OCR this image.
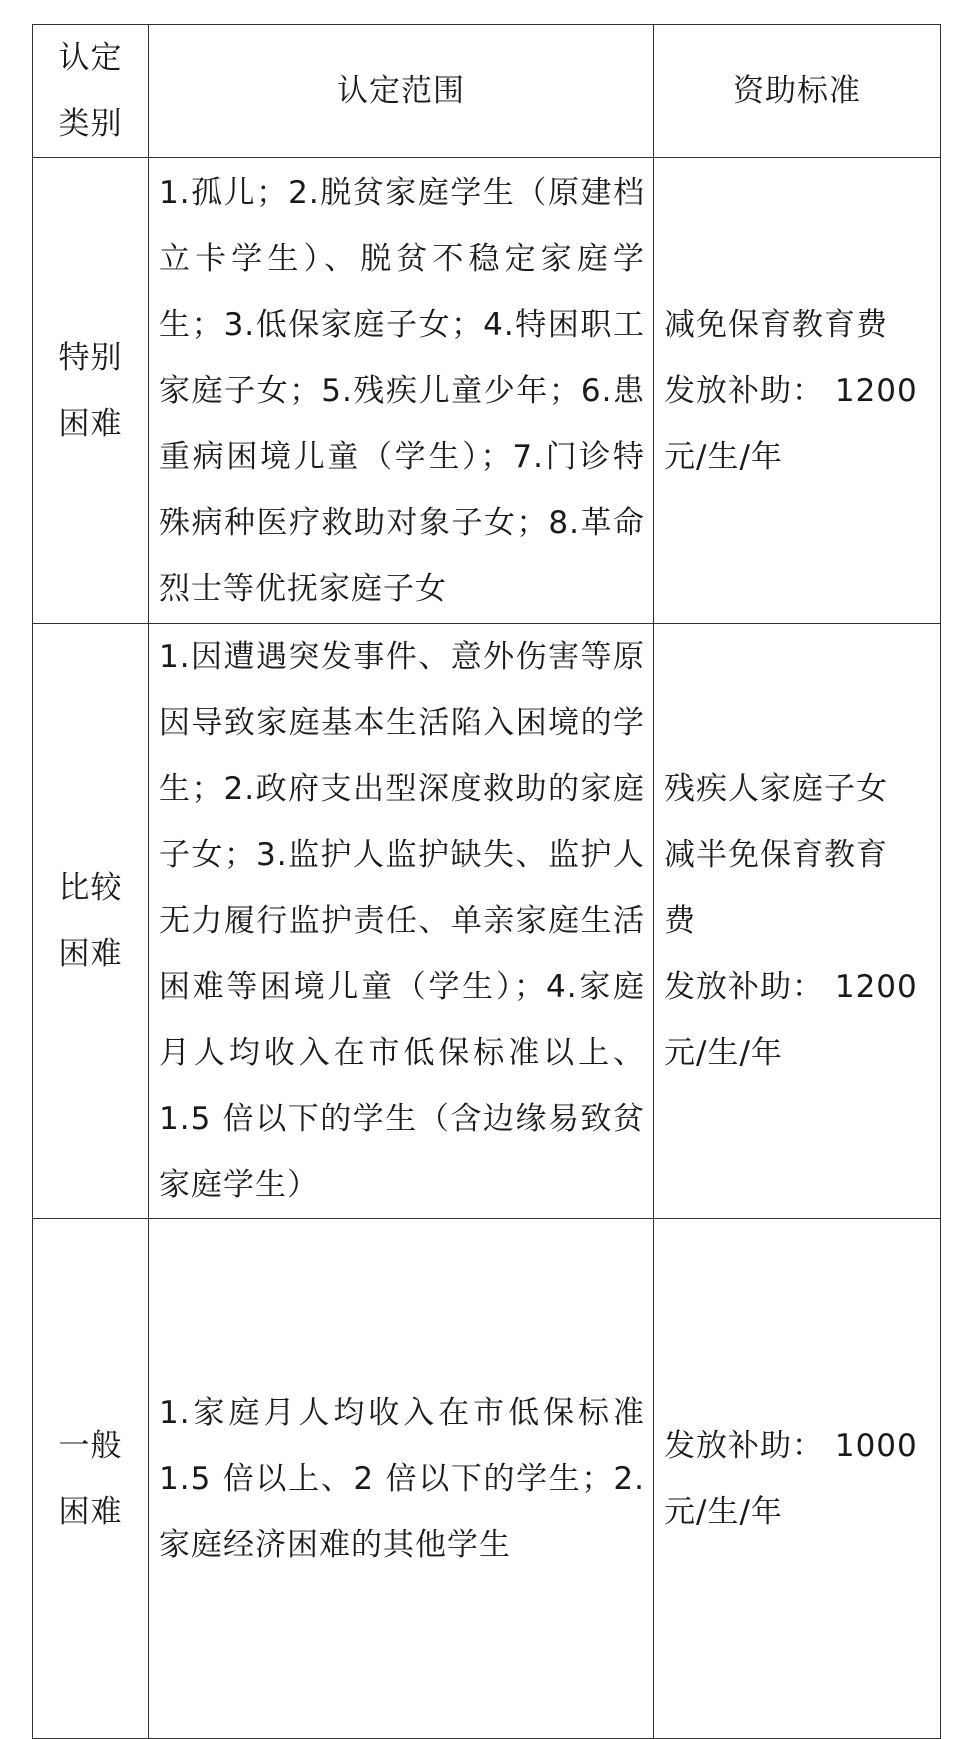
认定
类别	认定范围	资助标准

特别
困难	1.孤儿；2.脱贫家庭学生（原建档立卡学生）、脱贫不稳定家庭学生；3.低保家庭子女；4.特困职工家庭子女；5.残疾儿童少年；6.患重病困境儿童（学生）；7.门诊特殊病种医疗救助对象子女；8.革命烈士等优抚家庭子女	减免保育教育费
发放补助： 1200
元/生/年

比较
困难	1.因遭遇突发事件、意外伤害等原因导致家庭基本生活陷入困境的学生；2.政府支出型深度救助的家庭子女；3.监护人监护缺失、监护人无力履行监护责任、单亲家庭生活困难等困境儿童（学生）；4.家庭月人均收入在市低保标准以上、1.5 倍以下的学生（含边缘易致贫家庭学生）	残疾人家庭子女
减半免保育教育
费
发放补助： 1200
元/生/年

一般
困难	1.家庭月人均收入在市低保标准1.5 倍以上、2 倍以下的学生；2.家庭经济困难的其他学生	发放补助： 1000
元/生/年
